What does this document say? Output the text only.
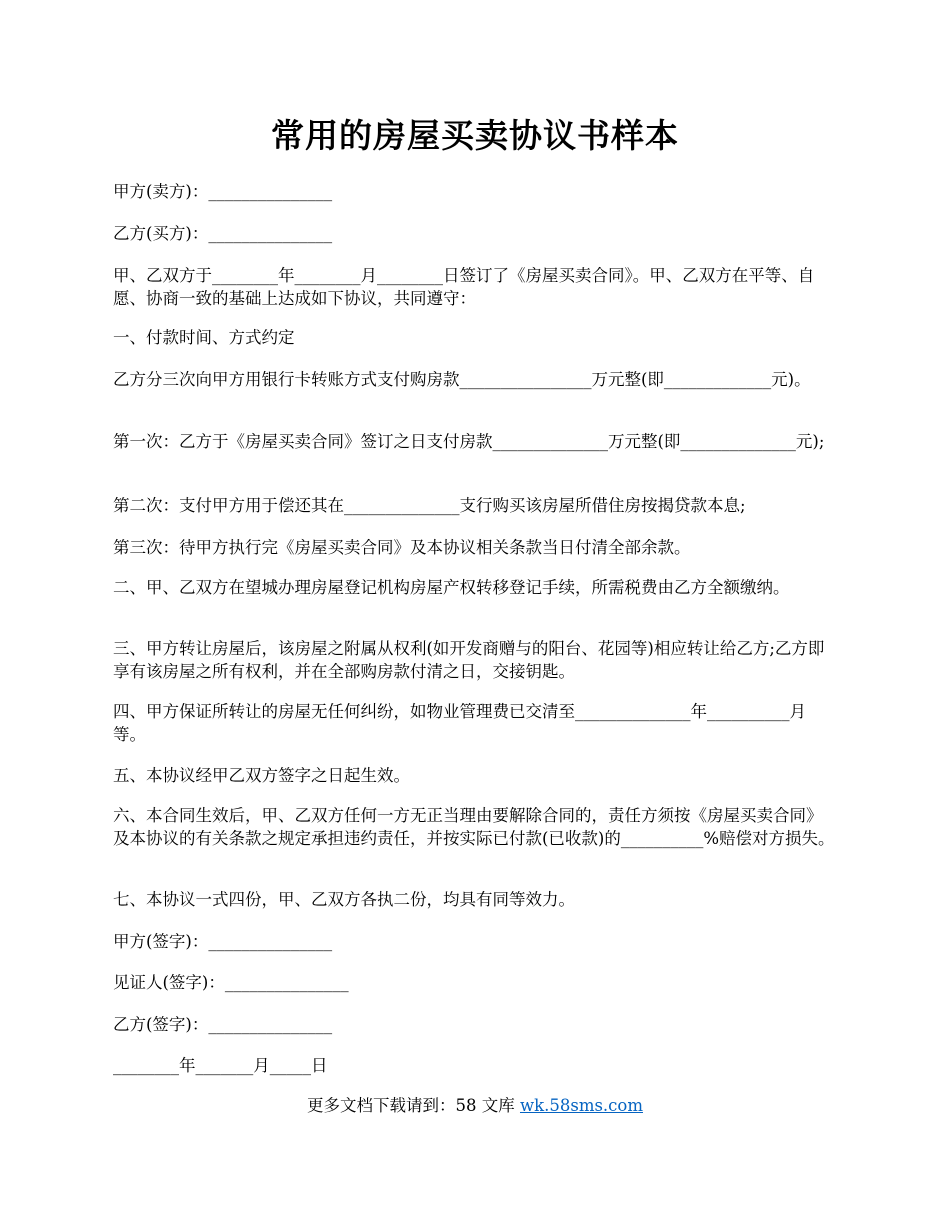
常用的房屋买卖协议书样本

甲方(卖方)：_______________

乙方(买方)：_______________

甲、乙双方于________年________月________日签订了《房屋买卖合同》。甲、乙双方在平等、自愿、协商一致的基础上达成如下协议，共同遵守：

一、付款时间、方式约定

乙方分三次向甲方用银行卡转账方式支付购房款________________万元整(即_____________元)。

第一次：乙方于《房屋买卖合同》签订之日支付房款______________万元整(即______________元);

第二次：支付甲方用于偿还其在______________支行购买该房屋所借住房按揭贷款本息;

第三次：待甲方执行完《房屋买卖合同》及本协议相关条款当日付清全部余款。

二、甲、乙双方在望城办理房屋登记机构房屋产权转移登记手续，所需税费由乙方全额缴纳。

三、甲方转让房屋后，该房屋之附属从权利(如开发商赠与的阳台、花园等)相应转让给乙方;乙方即享有该房屋之所有权利，并在全部购房款付清之日，交接钥匙。

四、甲方保证所转让的房屋无任何纠纷，如物业管理费已交清至______________年__________月等。

五、本协议经甲乙双方签字之日起生效。

六、本合同生效后，甲、乙双方任何一方无正当理由要解除合同的，责任方须按《房屋买卖合同》及本协议的有关条款之规定承担违约责任，并按实际已付款(已收款)的__________%赔偿对方损失。

七、本协议一式四份，甲、乙双方各执二份，均具有同等效力。

甲方(签字)：_______________

见证人(签字)：_______________

乙方(签字)：_______________

________年_______月_____日

更多文档下载请到：58 文库 wk.58sms.com
